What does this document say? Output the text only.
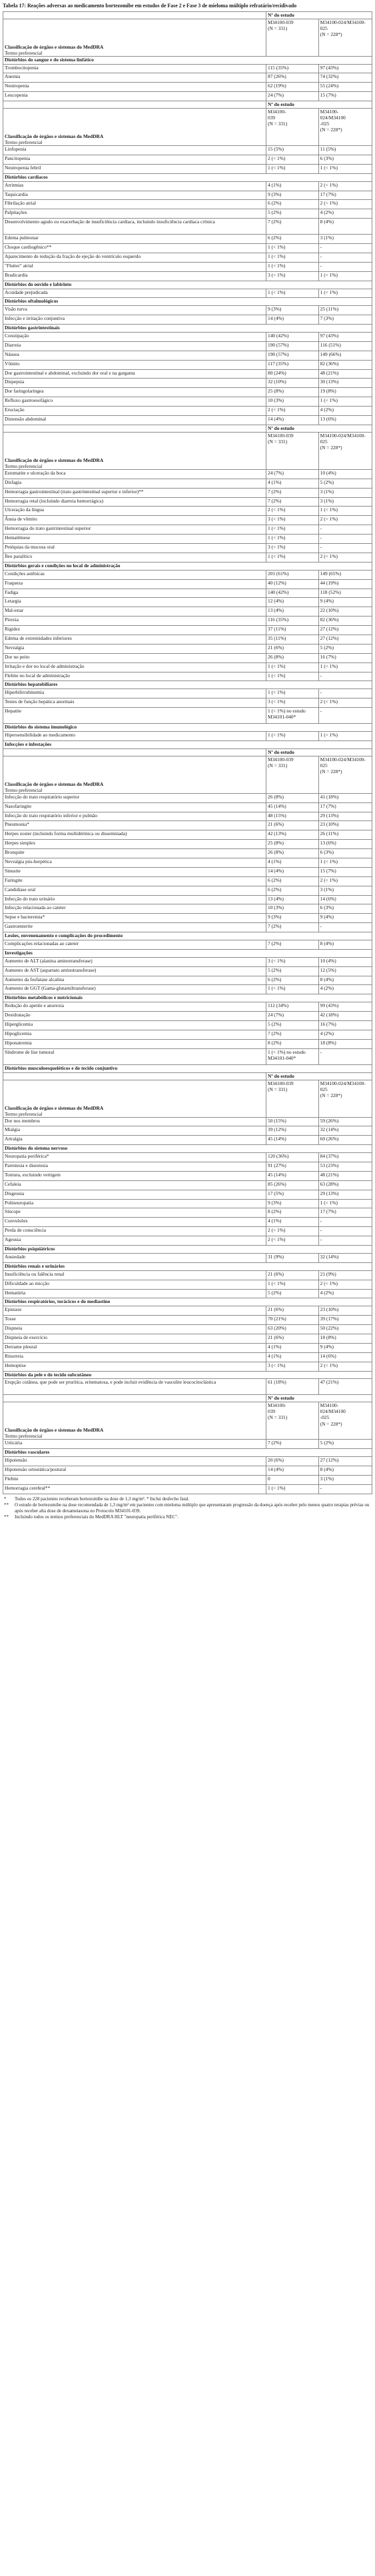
Tabela 17: Reações adversas ao medicamento bortezomibe em estudos de Fase 2 e Fase 3 de mieloma múltiplo refratário/recidivado
	Nº do estudo	

Classificação de órgãos e sistemas do MedDRA
Termo preferencial	M34100-039
(N = 331)	M34100-024/M34100-025
(N = 228*)

Distúrbios do sangue e do sistema linfático		
Trombocitopenia	115 (35%)	97 (43%)
Anemia	87 (26%)	74 (32%)
Neutropenia	62 (19%)	55 (24%)
Leucopenia	24 (7%)	15 (7%)
	Nº do estudo	

Classificação de órgãos e sistemas do MedDRA
Termo preferencial	M34100-
039
(N = 331)	M34100-
024/M34100
-025
(N = 228*)

Linfopenia	15 (5%)	11 (5%)
Pancitopenia	2 (< 1%)	6 (3%)
Neutropenia febril	1 (< 1%)	1 (< 1%)
Distúrbios cardíacos		
Arritmias	4 (1%)	2 (< 1%)
Taquicardia	9 (3%)	17 (7%)
Fibrilação atrial	6 (2%)	2 (< 1%)
Palpitações	5 (2%)	4 (2%)
Desenvolvimento agudo ou exacerbação de insuficiência cardíaca, incluindo insuficiência cardíaca crônica	7 (2%)	8 (4%)
Edema pulmonar	6 (2%)	3 (1%)
Choque cardiogênico**	1 (< 1%)	-
Aparecimento de redução da fração de ejeção do ventrículo esquerdo	1 (< 1%)	-
"Flutter" atrial	1 (< 1%)	-
Bradicardia	3 (< 1%)	1 (< 1%)
Distúrbios do ouvido e labirinto		
Acuidade prejudicada	1 (< 1%)	1 (< 1%)
Distúrbios oftalmológicos		
Visão turva	9 (3%)	25 (11%)
Infecção e irritação conjuntiva	14 (4%)	7 (3%)
Distúrbios gastrintestinais		
Constipação	140 (42%)	97 (43%)
Diarreia	190 (57%)	116 (51%)
Náusea	190 (57%)	149 (66%)
Vômito	117 (35%)	82 (36%)
Dor gastrointestinal e abdominal, excluindo dor oral e na garganta	80 (24%)	48 (21%)
Dispepsia	32 (10%)	30 (13%)
Dor faringolaríngea	25 (8%)	19 (8%)
Refluxo gastroesofágico	10 (3%)	1 (< 1%)
Eructação	2 (< 1%)	4 (2%)
Distensão abdominal	14 (4%)	13 (6%)
	Nº do estudo	

Classificação de órgãos e sistemas do MedDRA
Termo preferencial	M34100-039
(N = 331)	M34100-024/M34100-025
(N = 228*)

Estomatite e ulceração da boca	24 (7%)	10 (4%)
Disfagia	4 (1%)	5 (2%)
Hemorragia gastrointestinal (trato gastrintestinal superior e inferior)**	7 (2%)	3 (1%)
Hemorragia retal (incluindo diarreia hemorrágica)	7 (2%)	3 (1%)
Ulceração da língua	2 (< 1%)	1 (< 1%)
Ânsia de vômito	3 (< 1%)	2 (< 1%)
Hemorragia do trato gastrintestinal superior	1 (< 1%)	-
Hematêmese	1 (< 1%)	-
Petéquias da mucosa oral	3 (< 1%)	-
Íleo paralítico	1 (< 1%)	2 (< 1%)
Distúrbios gerais e condições no local de administração		
Condições astênicas	201 (61%)	149 (65%)
Fraqueza	40 (12%)	44 (19%)
Fadiga	140 (42%)	118 (52%)
Letargia	12 (4%)	9 (4%)
Mal-estar	13 (4%)	22 (10%)
Pirexia	116 (35%)	82 (36%)
Rigidez	37 (11%)	27 (12%)
Edema de extremidades inferiores	35 (11%)	27 (12%)
Nevralgia	21 (6%)	5 (2%)
Dor no peito	26 (8%)	16 (7%)
Irritação e dor no local de administração	1 (< 1%)	1 (< 1%)
Flebite no local de administração	1 (< 1%)	-
Distúrbios hepatobiliares		
Hiperbilirrubinemia	1 (< 1%)	-
Testes de função hepática anormais	3 (< 1%)	2 (< 1%)
Hepatite	1 (< 1%) no estudo M34101-040*	-
Distúrbios do sistema imunológico		
Hipersensibilidade ao medicamento	1 (< 1%)	1 (< 1%)
Infecções e infestações		
	Nº do estudo	

Classificação de órgãos e sistemas do MedDRA
Termo preferencial	M34100-039
(N = 331)	M34100-024/M34100-025
(N = 228*)

Infecção do trato respiratório superior	26 (8%)	41 (18%)
Nasofaringite	45 (14%)	17 (7%)
Infecção do trato respiratório inferior e pulmão	48 (15%)	29 (13%)
Pneumonia*	21 (6%)	23 (10%)
Herpes zoster (incluindo forma multidérmica ou disseminada)	42 (13%)	26 (11%)
Herpes simplex	25 (8%)	13 (6%)
Bronquite	26 (8%)	6 (3%)
Nevralgia pós-herpética	4 (1%)	1 (< 1%)
Sinusite	14 (4%)	15 (7%)
Faringite	6 (2%)	2 (< 1%)
Candidíase oral	6 (2%)	3 (1%)
Infecção do trato urinário	13 (4%)	14 (6%)
Infecção relacionada ao cateter	10 (3%)	6 (3%)
Sepse e bacteremia*	9 (3%)	9 (4%)
Gastroenterite	7 (2%)	-
Lesões, envenenamento e complicações do procedimento		
Complicações relacionadas ao cateter	7 (2%)	8 (4%)
Investigações		
Aumento de ALT (alanina aminotransferase)	3 (< 1%)	10 (4%)
Aumento de AST (aspartato aminotransferase)	5 (2%)	12 (5%)
Aumento da fosfatase alcalina	6 (2%)	8 (4%)
Aumento de GGT (Gama-glutamiltransferase)	1 (< 1%)	4 (2%)
Distúrbios metabólicos e nutricionais		
Redução do apetite e anorexia	112 (34%)	99 (43%)
Desidratação	24 (7%)	42 (18%)
Hiperglicemia	5 (2%)	16 (7%)
Hipoglicemia	7 (2%)	4 (2%)
Hiponatremia	8 (2%)	18 (8%)
Síndrome de lise tumoral	1 (< 1%) no estudo M34101-040*	-
Distúrbios musculoesqueléticos e do tecido conjuntivo		
	Nº do estudo	

Classificação de órgãos e sistemas do MedDRA
Termo preferencial	M34100-039
(N = 331)	M34100-024/M34100-025
(N = 228*)

Dor nos membros	50 (15%)	59 (26%)
Mialgia	39 (12%)	32 (14%)
Artralgia	45 (14%)	60 (26%)
Distúrbios do sistema nervoso		
Neuropatia periférica*	120 (36%)	84 (37%)
Parestesia e disestesia	91 (27%)	53 (23%)
Tontura, excluindo vertigem	45 (14%)	48 (21%)
Cefaleia	85 (26%)	63 (28%)
Disgeusia	17 (5%)	29 (13%)
Polineuropatia	9 (3%)	1 (< 1%)
Síncope	8 (2%)	17 (7%)
Convulsões	4 (1%)	-
Perda de consciência	2 (< 1%)	-
Ageusia	2 (< 1%)	-
Distúrbios psiquiátricos		
Ansiedade	31 (9%)	32 (14%)
Distúrbios renais e urinários		
Insuficiência ou falência renal	21 (6%)	21 (9%)
Dificuldade ao micção	1 (< 1%)	2 (< 1%)
Hematúria	5 (2%)	4 (2%)
Distúrbios respiratórios, torácicos e do mediastino		
Epistaxe	21 (6%)	23 (10%)
Tosse	70 (21%)	39 (17%)
Dispneia	63 (20%)	50 (22%)
Dispneia de exercício	21 (6%)	18 (8%)
Derrame pleural	4 (1%)	9 (4%)
Rinorreia	4 (1%)	14 (6%)
Hemoptise	3 (< 1%)	2 (< 1%)
Distúrbios da pele e do tecido subcutâneo		
Erupção cutânea, que pode ser prurítica, eritematosa, e pode incluir evidência de vasculite leucocitoclástica	61 (18%)	47 (21%)
	Nº do estudo	

Classificação de órgãos e sistemas do MedDRA
Termo preferencial	M34100-
039
(N = 331)	M34100-
024/M34100
-025
(N = 228*)

Urticária	7 (2%)	5 (2%)
Distúrbios vasculares		
Hipotensão	20 (6%)	27 (12%)
Hipotensão ortostática/postural	14 (4%)	8 (4%)
Flebite	0	3 (1%)
Hemorragia cerebral**	1 (< 1%)	-

* Todos os 228 pacientes receberam bortezomibe na dose de 1,3 mg/m². * Inclui desfecho fatal.

** O estudo de bortezomibe na dose recomendada de 1,3 mg/m² em pacientes com mieloma múltiplo que apresentaram progressão da doença após receber pelo menos quatro terapias prévias ou após receber alta dose de dexametasona no Protocolo M34101-039.

** Incluindo todos os termos preferenciais do MedDRA HLT "neuropatia periférica NEC".
